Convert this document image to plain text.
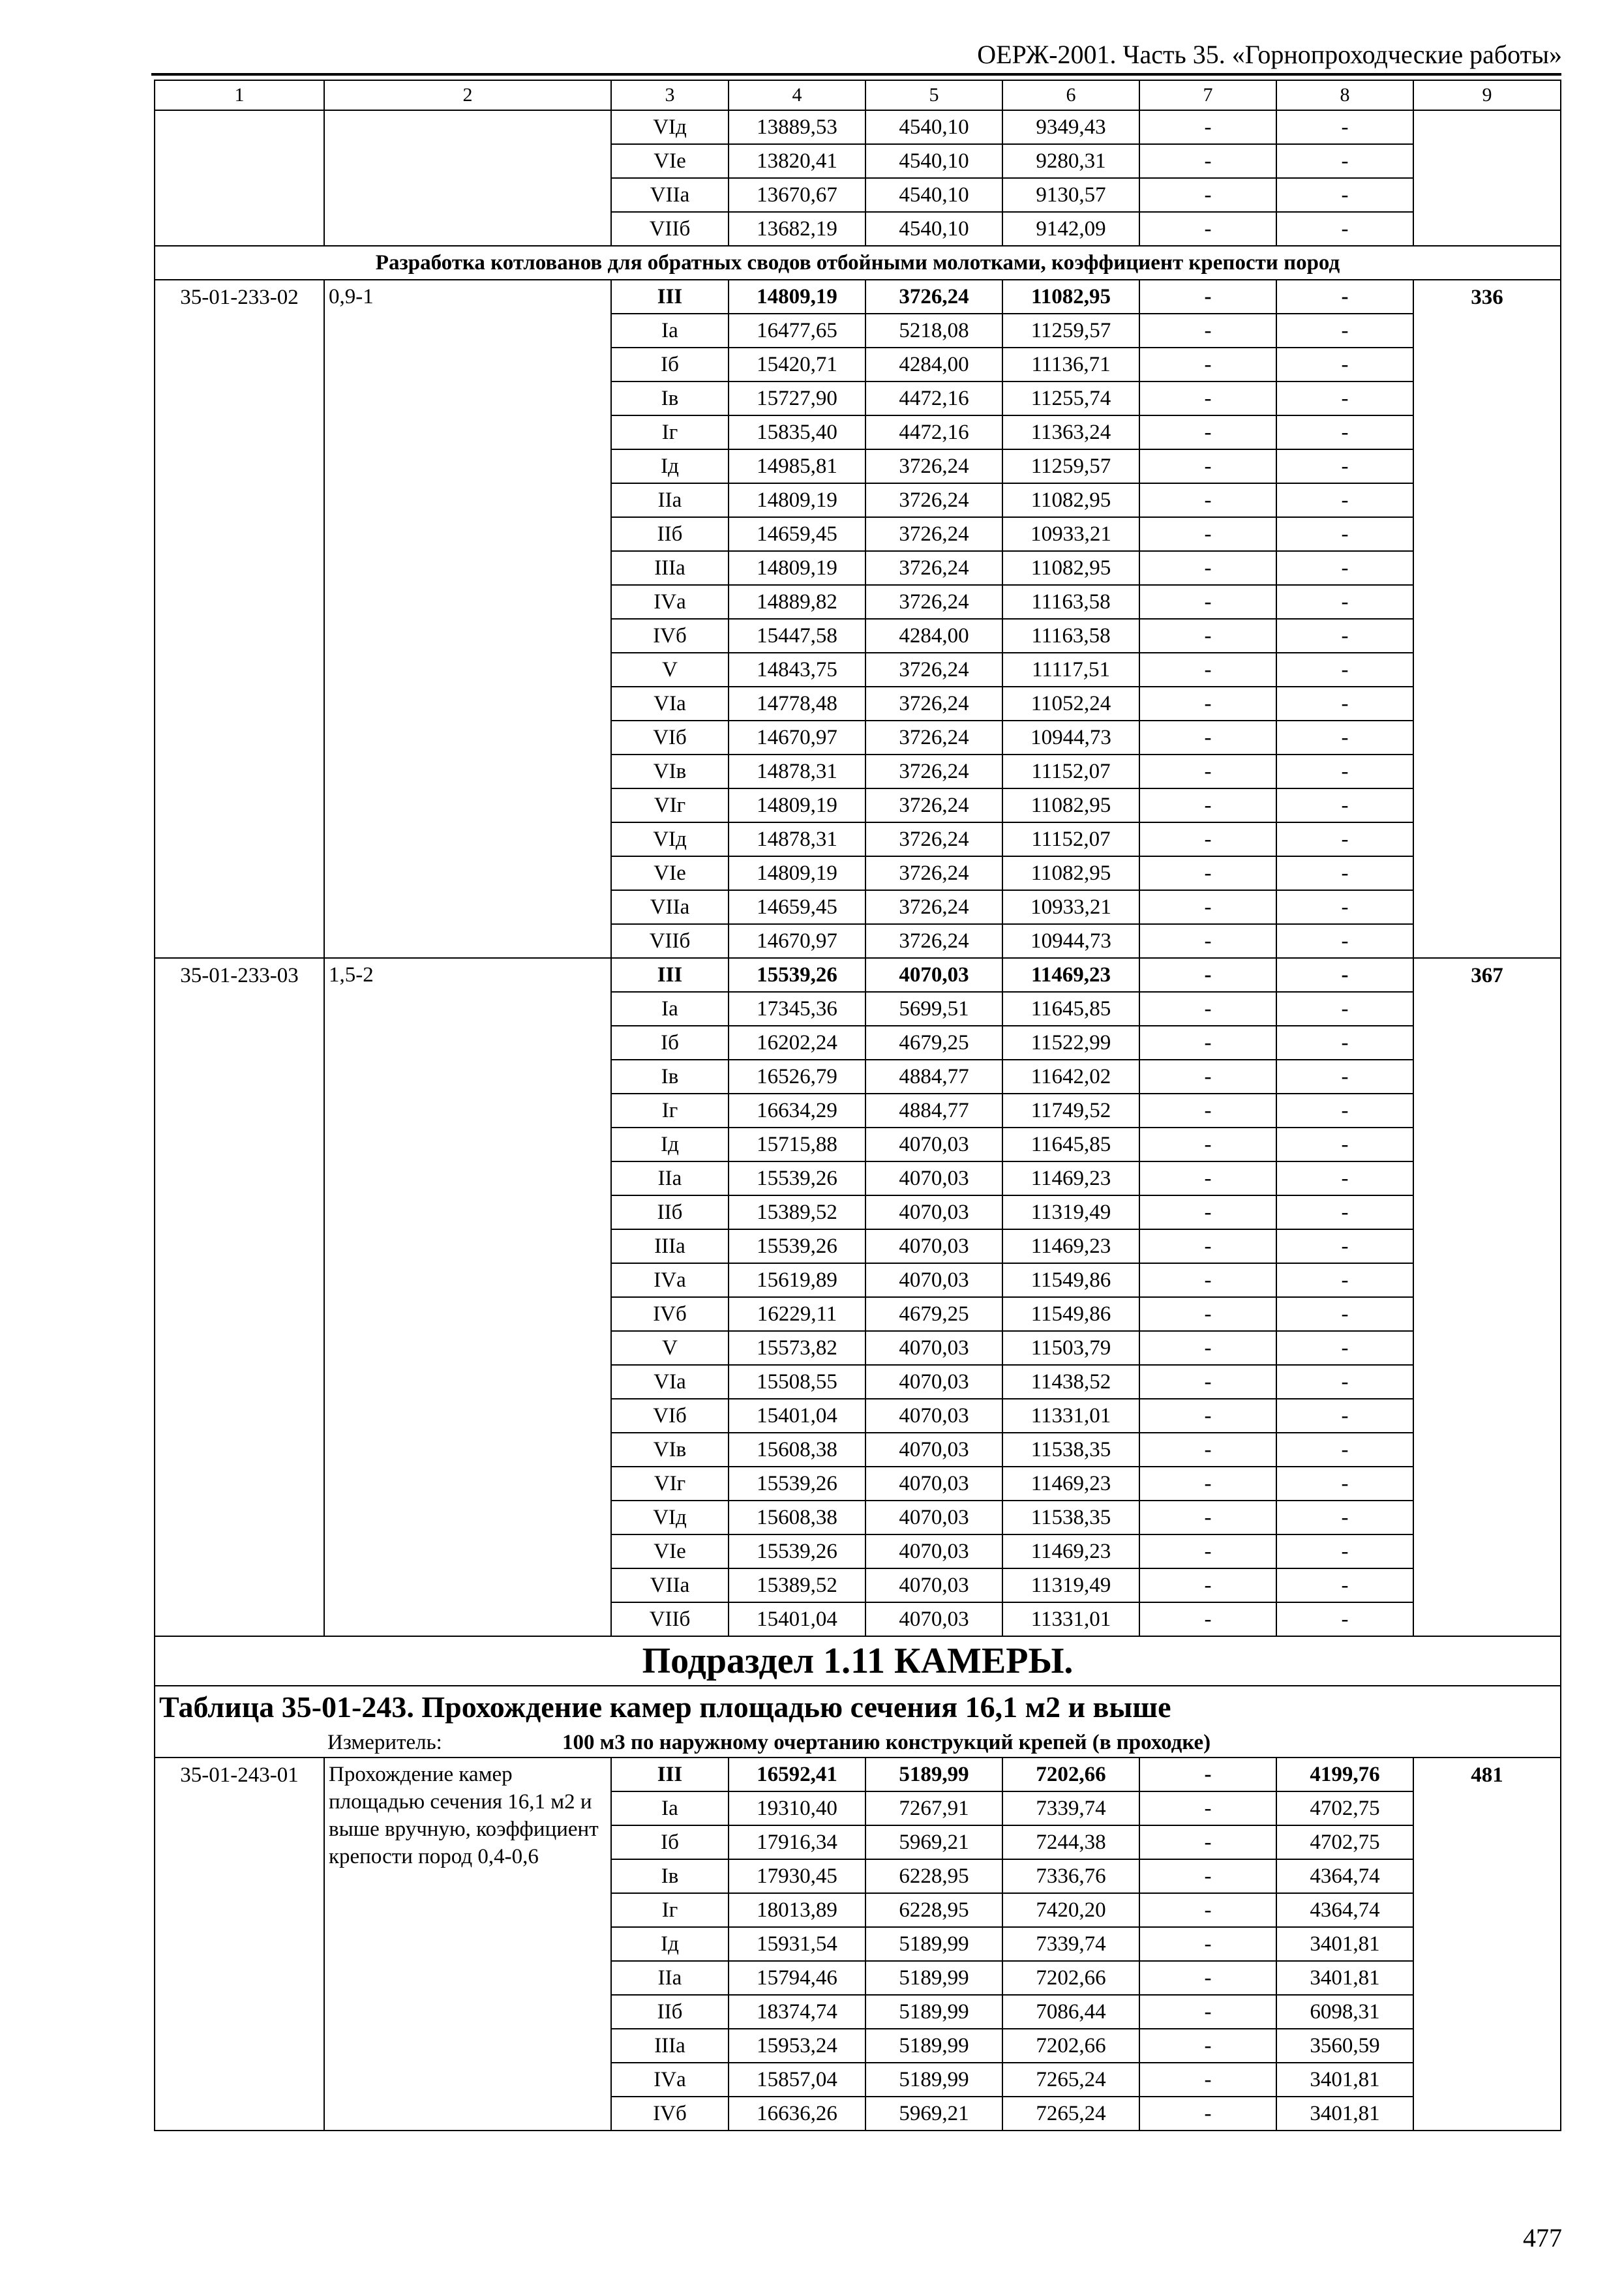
ОЕРЖ-2001. Часть 35. «Горнопроходческие работы»
1	2	3	4	5	6	7	8	9
		VIд	13889,53	4540,10	9349,43	-	-	
		VIе	13820,41	4540,10	9280,31	-	-	
		VIIа	13670,67	4540,10	9130,57	-	-	
		VIIб	13682,19	4540,10	9142,09	-	-	
Разработка котлованов для обратных сводов отбойными молотками, коэффициент крепости пород								
35-01-233-02	0,9-1	III	14809,19	3726,24	11082,95	-	-	336
		Iа	16477,65	5218,08	11259,57	-	-	
		Iб	15420,71	4284,00	11136,71	-	-	
		Iв	15727,90	4472,16	11255,74	-	-	
		Iг	15835,40	4472,16	11363,24	-	-	
		Iд	14985,81	3726,24	11259,57	-	-	
		IIа	14809,19	3726,24	11082,95	-	-	
		IIб	14659,45	3726,24	10933,21	-	-	
		IIIа	14809,19	3726,24	11082,95	-	-	
		IVа	14889,82	3726,24	11163,58	-	-	
		IVб	15447,58	4284,00	11163,58	-	-	
		V	14843,75	3726,24	11117,51	-	-	
		VIа	14778,48	3726,24	11052,24	-	-	
		VIб	14670,97	3726,24	10944,73	-	-	
		VIв	14878,31	3726,24	11152,07	-	-	
		VIг	14809,19	3726,24	11082,95	-	-	
		VIд	14878,31	3726,24	11152,07	-	-	
		VIе	14809,19	3726,24	11082,95	-	-	
		VIIа	14659,45	3726,24	10933,21	-	-	
		VIIб	14670,97	3726,24	10944,73	-	-	
35-01-233-03	1,5-2	III	15539,26	4070,03	11469,23	-	-	367
		Iа	17345,36	5699,51	11645,85	-	-	
		Iб	16202,24	4679,25	11522,99	-	-	
		Iв	16526,79	4884,77	11642,02	-	-	
		Iг	16634,29	4884,77	11749,52	-	-	
		Iд	15715,88	4070,03	11645,85	-	-	
		IIа	15539,26	4070,03	11469,23	-	-	
		IIб	15389,52	4070,03	11319,49	-	-	
		IIIа	15539,26	4070,03	11469,23	-	-	
		IVа	15619,89	4070,03	11549,86	-	-	
		IVб	16229,11	4679,25	11549,86	-	-	
		V	15573,82	4070,03	11503,79	-	-	
		VIа	15508,55	4070,03	11438,52	-	-	
		VIб	15401,04	4070,03	11331,01	-	-	
		VIв	15608,38	4070,03	11538,35	-	-	
		VIг	15539,26	4070,03	11469,23	-	-	
		VIд	15608,38	4070,03	11538,35	-	-	
		VIе	15539,26	4070,03	11469,23	-	-	
		VIIа	15389,52	4070,03	11319,49	-	-	
		VIIб	15401,04	4070,03	11331,01	-	-	
Подраздел 1.11 КАМЕРЫ.								
Таблица 35-01-243. Прохождение камер площадью сечения 16,1 м2 и выше								
Измеритель: 100 м3 по наружному очертанию конструкций крепей (в проходке)								
35-01-243-01	Прохождение камер площадью сечения 16,1 м2 и выше вручную, коэффициент крепости пород 0,4-0,6	III	16592,41	5189,99	7202,66	-	4199,76	481
		Iа	19310,40	7267,91	7339,74	-	4702,75	
		Iб	17916,34	5969,21	7244,38	-	4702,75	
		Iв	17930,45	6228,95	7336,76	-	4364,74	
		Iг	18013,89	6228,95	7420,20	-	4364,74	
		Iд	15931,54	5189,99	7339,74	-	3401,81	
		IIа	15794,46	5189,99	7202,66	-	3401,81	
		IIб	18374,74	5189,99	7086,44	-	6098,31	
		IIIа	15953,24	5189,99	7202,66	-	3560,59	
		IVа	15857,04	5189,99	7265,24	-	3401,81	
		IVб	16636,26	5969,21	7265,24	-	3401,81	
477
